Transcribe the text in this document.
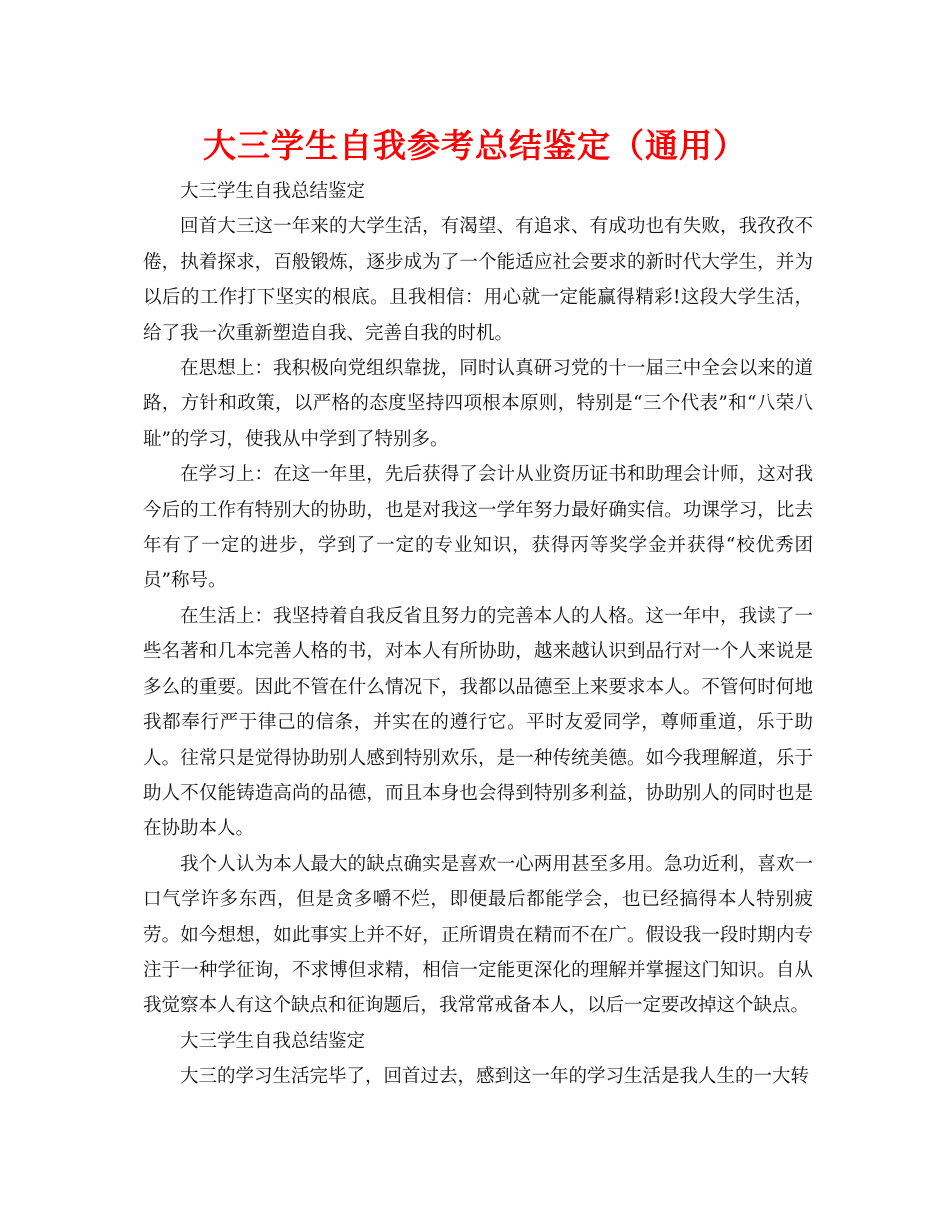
大三学生自我参考总结鉴定（通用）

大三学生自我总结鉴定

回首大三这一年来的大学生活，有渴望、有追求、有成功也有失败，我孜孜不倦，执着探求，百般锻炼，逐步成为了一个能适应社会要求的新时代大学生，并为以后的工作打下坚实的根底。且我相信：用心就一定能赢得精彩!这段大学生活，给了我一次重新塑造自我、完善自我的时机。

在思想上：我积极向党组织靠拢，同时认真研习党的十一届三中全会以来的道路，方针和政策，以严格的态度坚持四项根本原则，特别是“三个代表”和“八荣八耻”的学习，使我从中学到了特别多。

在学习上：在这一年里，先后获得了会计从业资历证书和助理会计师，这对我今后的工作有特别大的协助，也是对我这一学年努力最好确实信。功课学习，比去年有了一定的进步，学到了一定的专业知识，获得丙等奖学金并获得“校优秀团员”称号。

在生活上：我坚持着自我反省且努力的完善本人的人格。这一年中，我读了一些名著和几本完善人格的书，对本人有所协助，越来越认识到品行对一个人来说是多么的重要。因此不管在什么情况下，我都以品德至上来要求本人。不管何时何地我都奉行严于律己的信条，并实在的遵行它。平时友爱同学，尊师重道，乐于助人。往常只是觉得协助别人感到特别欢乐，是一种传统美德。如今我理解道，乐于助人不仅能铸造高尚的品德，而且本身也会得到特别多利益，协助别人的同时也是在协助本人。

我个人认为本人最大的缺点确实是喜欢一心两用甚至多用。急功近利，喜欢一口气学许多东西，但是贪多嚼不烂，即便最后都能学会，也已经搞得本人特别疲劳。如今想想，如此事实上并不好，正所谓贵在精而不在广。假设我一段时期内专注于一种学征询，不求博但求精，相信一定能更深化的理解并掌握这门知识。自从我觉察本人有这个缺点和征询题后，我常常戒备本人，以后一定要改掉这个缺点。

大三学生自我总结鉴定

大三的学习生活完毕了，回首过去，感到这一年的学习生活是我人生的一大转
